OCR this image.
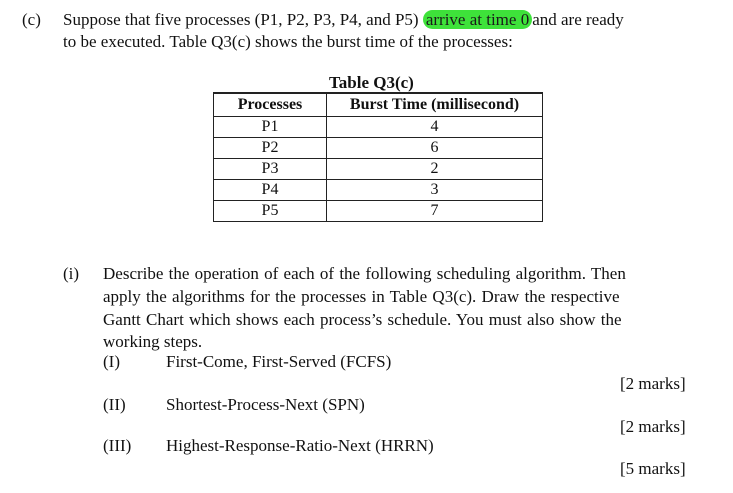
(c) Suppose that five processes (P1, P2, P3, P4, and P5) arrive at time 0 and are ready
to be executed. Table Q3(c) shows the burst time of the processes:
Table Q3(c)
Processes	Burst Time (millisecond)
P1	4
P2	6
P3	2
P4	3
P5	7
(i) Describe the operation of each of the following scheduling algorithm. Then
apply the algorithms for the processes in Table Q3(c). Draw the respective
Gantt Chart which shows each process’s schedule. You must also show the
working steps.
(I)	First-Come, First-Served (FCFS)
[2 marks]
(II) Shortest-Process-Next (SPN)
[2 marks]
(III) Highest-Response-Ratio-Next (HRRN)
[5 marks]
